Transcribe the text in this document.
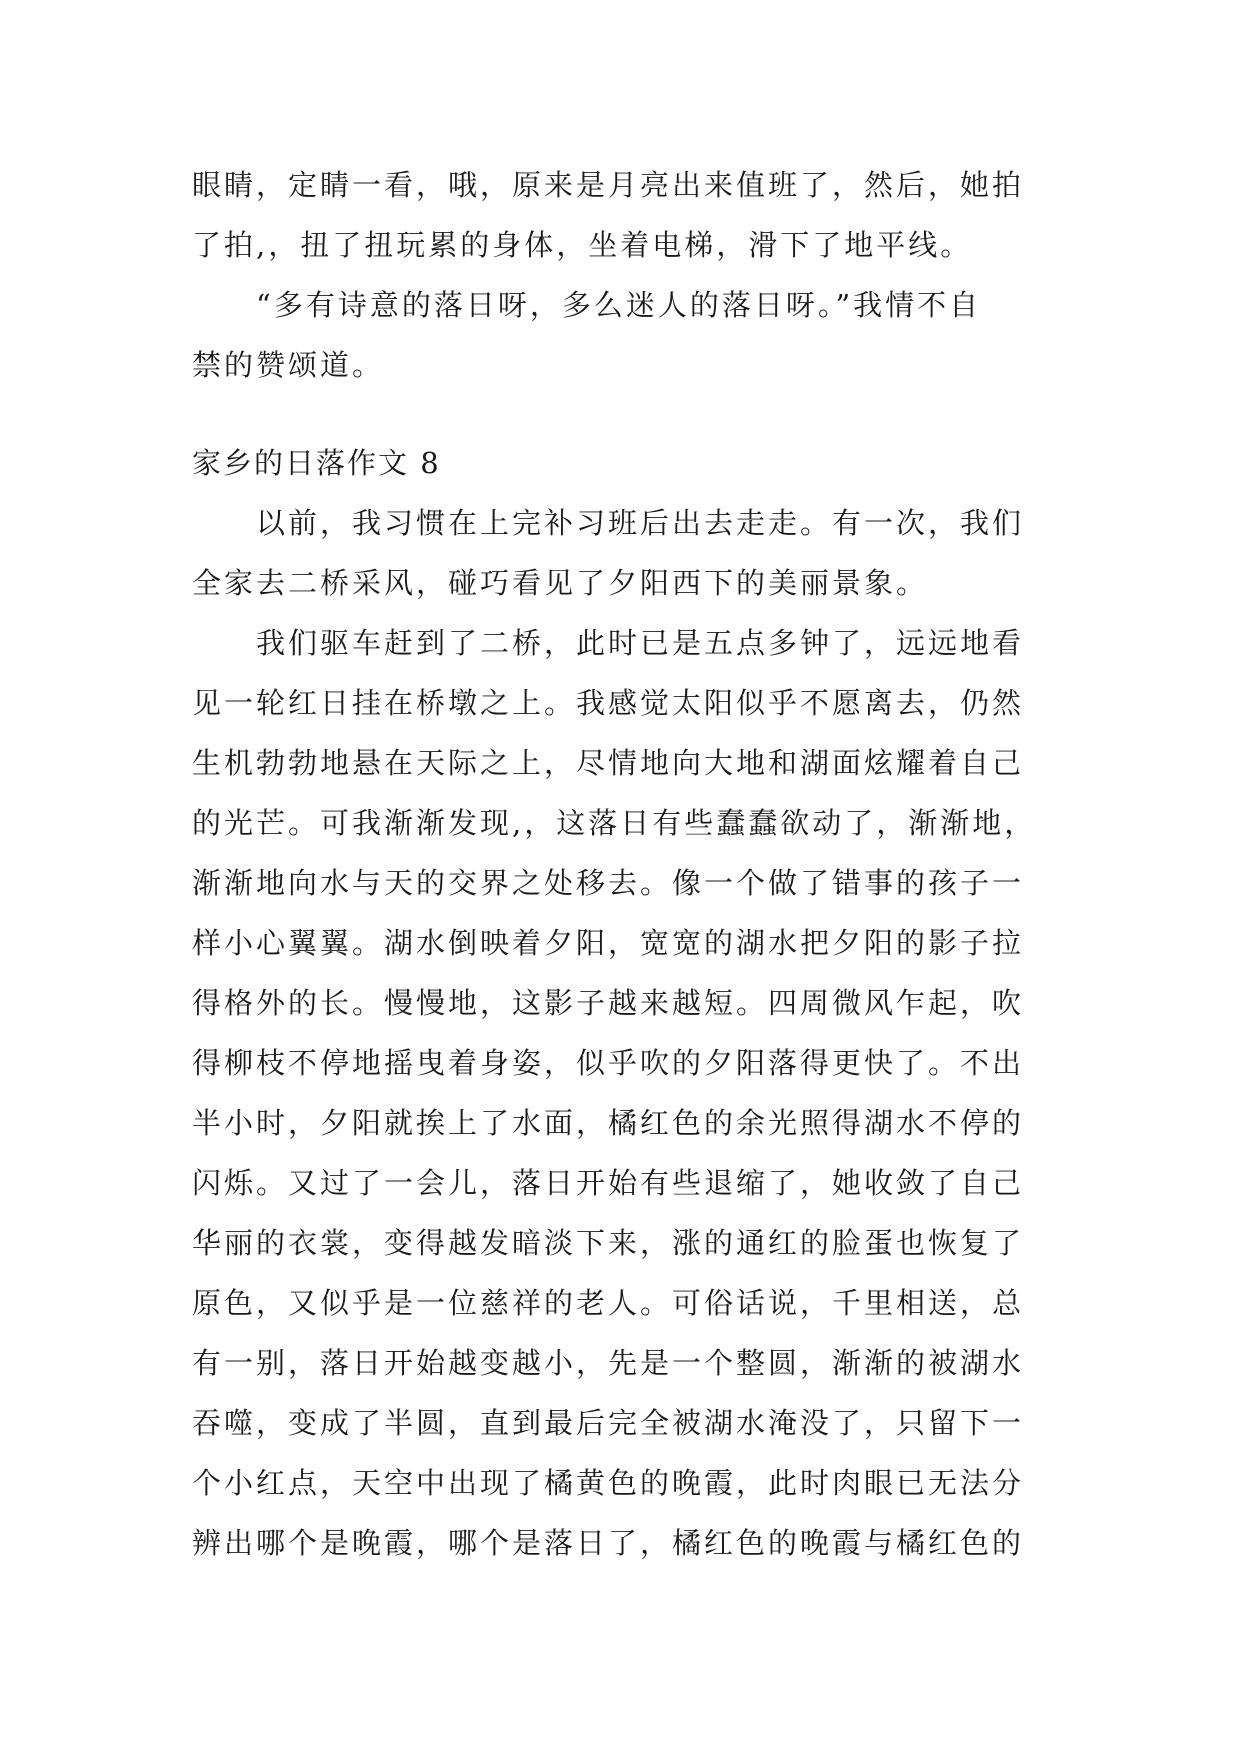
眼睛，定睛一看，哦，原来是月亮出来值班了，然后，她拍
了拍,，扭了扭玩累的身体，坐着电梯，滑下了地平线。
“多有诗意的落日呀，多么迷人的落日呀。”我情不自
禁的赞颂道。
家乡的日落作文 8
以前，我习惯在上完补习班后出去走走。有一次，我们
全家去二桥采风，碰巧看见了夕阳西下的美丽景象。
我们驱车赶到了二桥，此时已是五点多钟了，远远地看
见一轮红日挂在桥墩之上。我感觉太阳似乎不愿离去，仍然
生机勃勃地悬在天际之上，尽情地向大地和湖面炫耀着自己
的光芒。可我渐渐发现,，这落日有些蠢蠢欲动了，渐渐地，
渐渐地向水与天的交界之处移去。像一个做了错事的孩子一
样小心翼翼。湖水倒映着夕阳，宽宽的湖水把夕阳的影子拉
得格外的长。慢慢地，这影子越来越短。四周微风乍起，吹
得柳枝不停地摇曳着身姿，似乎吹的夕阳落得更快了。不出
半小时，夕阳就挨上了水面，橘红色的余光照得湖水不停的
闪烁。又过了一会儿，落日开始有些退缩了，她收敛了自己
华丽的衣裳，变得越发暗淡下来，涨的通红的脸蛋也恢复了
原色，又似乎是一位慈祥的老人。可俗话说，千里相送，总
有一别，落日开始越变越小，先是一个整圆，渐渐的被湖水
吞噬，变成了半圆，直到最后完全被湖水淹没了，只留下一
个小红点，天空中出现了橘黄色的晚霞，此时肉眼已无法分
辨出哪个是晚霞，哪个是落日了，橘红色的晚霞与橘红色的
